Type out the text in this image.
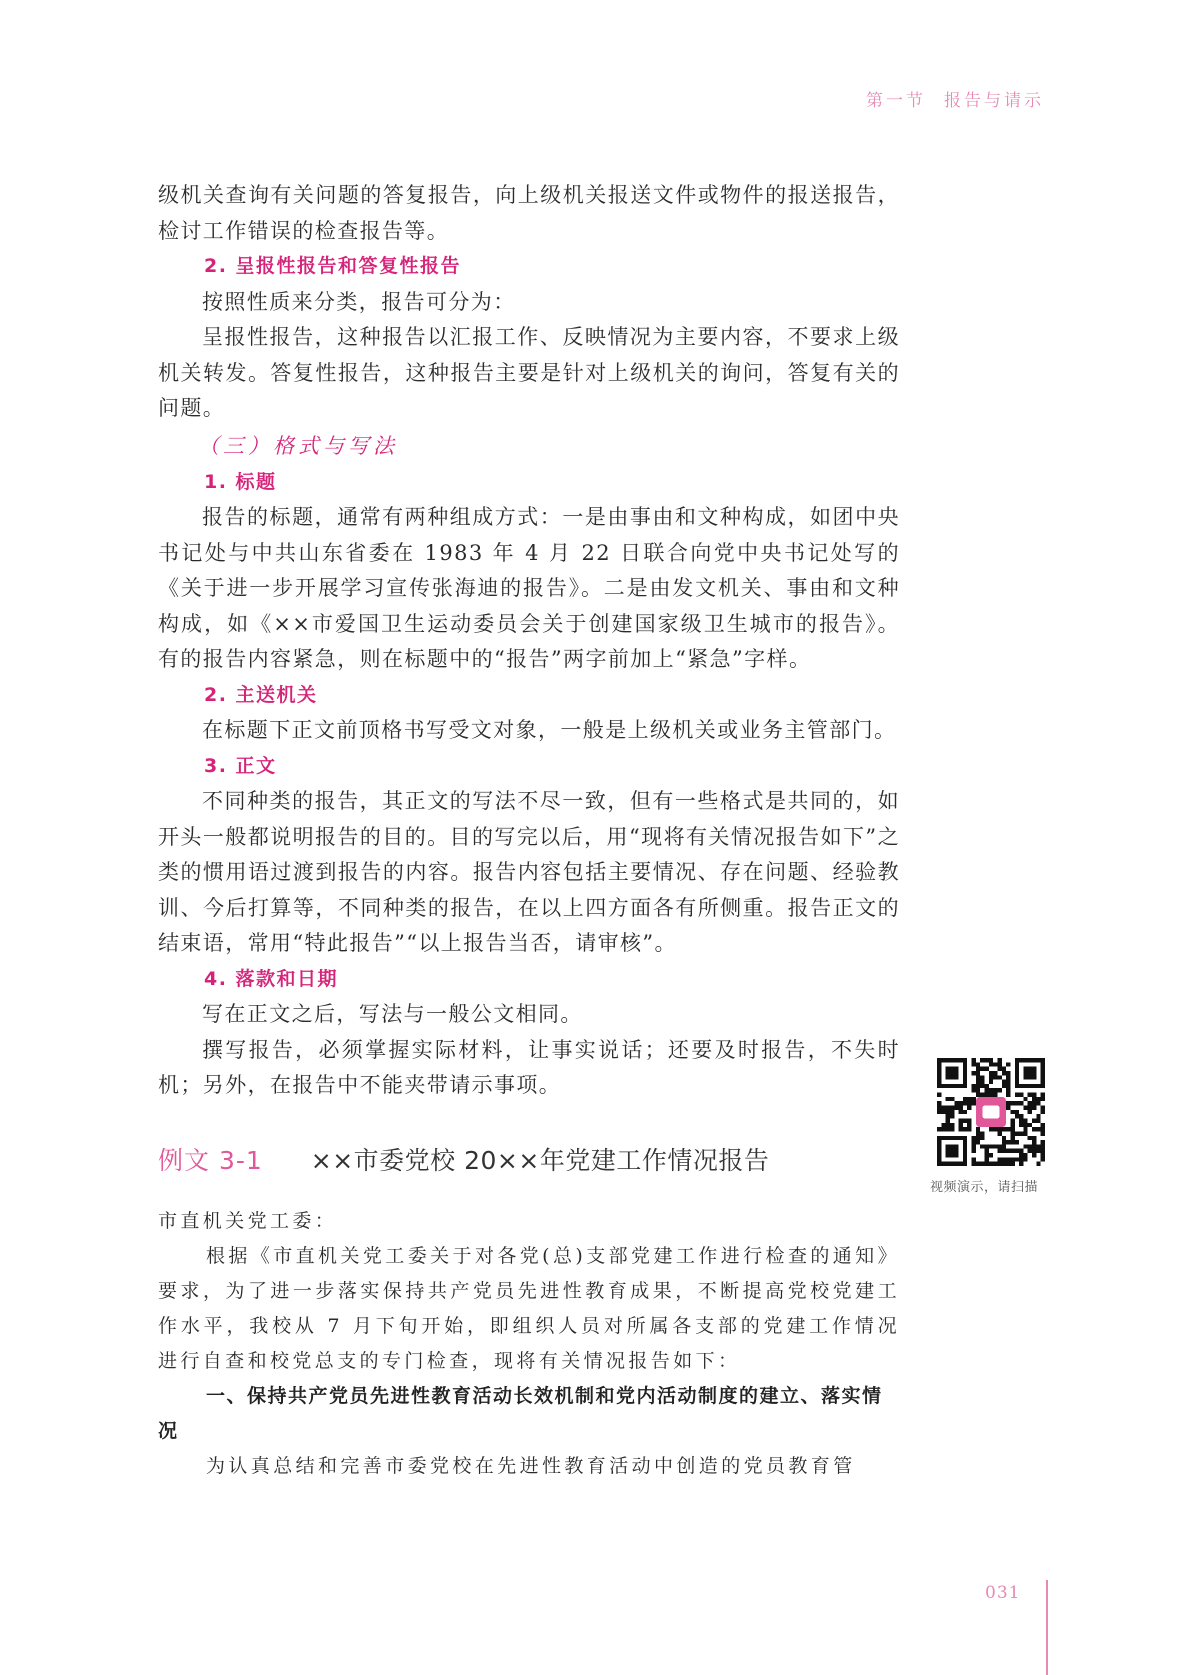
第一节 报告与请示

级机关查询有关问题的答复报告，向上级机关报送文件或物件的报送报告，检讨工作错误的检查报告等。

2. 呈报性报告和答复性报告

按照性质来分类，报告可分为：

呈报性报告，这种报告以汇报工作、反映情况为主要内容，不要求上级机关转发。答复性报告，这种报告主要是针对上级机关的询问，答复有关的问题。

（三）格式与写法

1. 标题

报告的标题，通常有两种组成方式：一是由事由和文种构成，如团中央书记处与中共山东省委在 1983 年 4 月 22 日联合向党中央书记处写的《关于进一步开展学习宣传张海迪的报告》。二是由发文机关、事由和文种构成，如《××市爱国卫生运动委员会关于创建国家级卫生城市的报告》。有的报告内容紧急，则在标题中的“报告”两字前加上“紧急”字样。

2. 主送机关

在标题下正文前顶格书写受文对象，一般是上级机关或业务主管部门。

3. 正文

不同种类的报告，其正文的写法不尽一致，但有一些格式是共同的，如开头一般都说明报告的目的。目的写完以后，用“现将有关情况报告如下”之类的惯用语过渡到报告的内容。报告内容包括主要情况、存在问题、经验教训、今后打算等，不同种类的报告，在以上四方面各有所侧重。报告正文的结束语，常用“特此报告”“以上报告当否，请审核”。

4. 落款和日期

写在正文之后，写法与一般公文相同。

撰写报告，必须掌握实际材料，让事实说话；还要及时报告，不失时机；另外，在报告中不能夹带请示事项。

例文 3-1 ××市委党校 20××年党建工作情况报告

市直机关党工委：

根据《市直机关党工委关于对各党(总)支部党建工作进行检查的通知》要求，为了进一步落实保持共产党员先进性教育成果，不断提高党校党建工作水平，我校从 7 月下旬开始，即组织人员对所属各支部的党建工作情况进行自查和校党总支的专门检查，现将有关情况报告如下：

一、保持共产党员先进性教育活动长效机制和党内活动制度的建立、落实情况

为认真总结和完善市委党校在先进性教育活动中创造的党员教育管

视频演示，请扫描
031
